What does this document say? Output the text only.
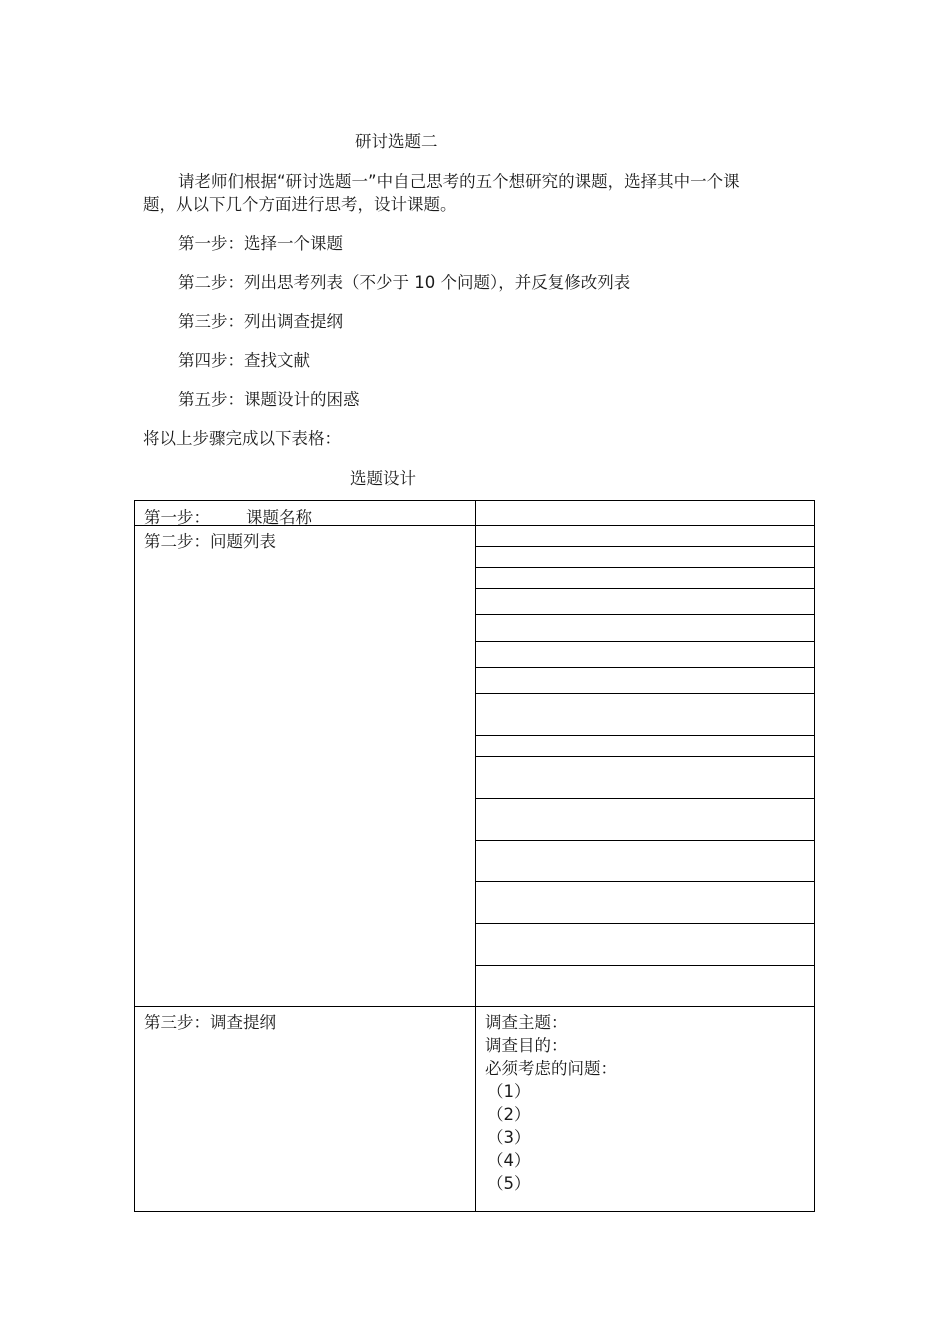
研讨选题二
请老师们根据“研讨选题一”中自己思考的五个想研究的课题，选择其中一个课
题，从以下几个方面进行思考，设计课题。
第一步：选择一个课题
第二步：列出思考列表（不少于 10 个问题），并反复修改列表
第三步：列出调查提纲
第四步：查找文献
第五步：课题设计的困惑
将以上步骤完成以下表格：
选题设计
第一步： 课题名称
第二步：问题列表
第三步：调查提纲	调查主题：
调查目的：
必须考虑的问题：
（1）
（2）
（3）
（4）
（5）
